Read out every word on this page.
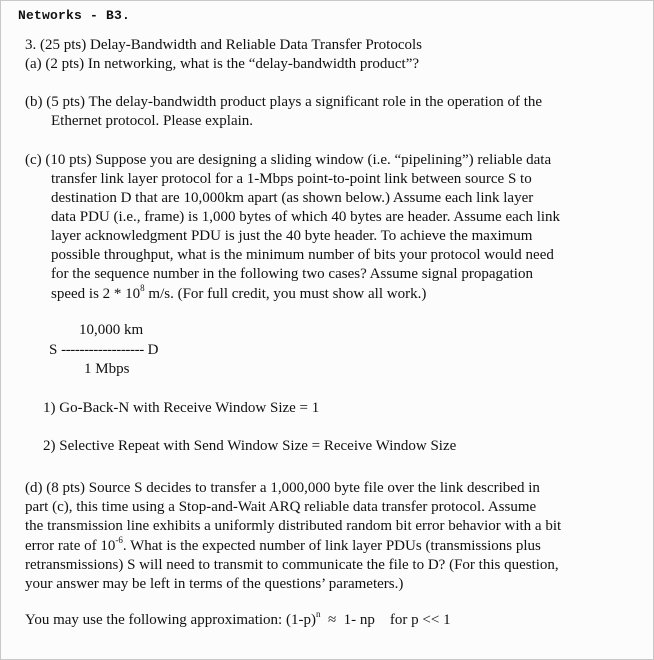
Networks - B3.
3. (25 pts) Delay-Bandwidth and Reliable Data Transfer Protocols
(a) (2 pts) In networking, what is the “delay-bandwidth product”?
(b) (5 pts) The delay-bandwidth product plays a significant role in the operation of the
Ethernet protocol. Please explain.
(c) (10 pts) Suppose you are designing a sliding window (i.e. “pipelining”) reliable data
transfer link layer protocol for a 1-Mbps point-to-point link between source S to
destination D that are 10,000km apart (as shown below.) Assume each link layer
data PDU (i.e., frame) is 1,000 bytes of which 40 bytes are header. Assume each link
layer acknowledgment PDU is just the 40 byte header. To achieve the maximum
possible throughput, what is the minimum number of bits your protocol would need
for the sequence number in the following two cases? Assume signal propagation
speed is $2 * 10^8$ m/s. (For full credit, you must show all work.)
10,000 km
S ------------------ D
1 Mbps
1) Go-Back-N with Receive Window Size = 1
2) Selective Repeat with Send Window Size = Receive Window Size
(d) (8 pts) Source S decides to transfer a 1,000,000 byte file over the link described in
part (c), this time using a Stop-and-Wait ARQ reliable data transfer protocol. Assume
the transmission line exhibits a uniformly distributed random bit error behavior with a bit
error rate of $10^{-6}$. What is the expected number of link layer PDUs (transmissions plus
retransmissions) S will need to transmit to communicate the file to D? (For this question,
your answer may be left in terms of the questions’ parameters.)
You may use the following approximation: $(1-p)^n \approx 1-$ np    for p << 1
